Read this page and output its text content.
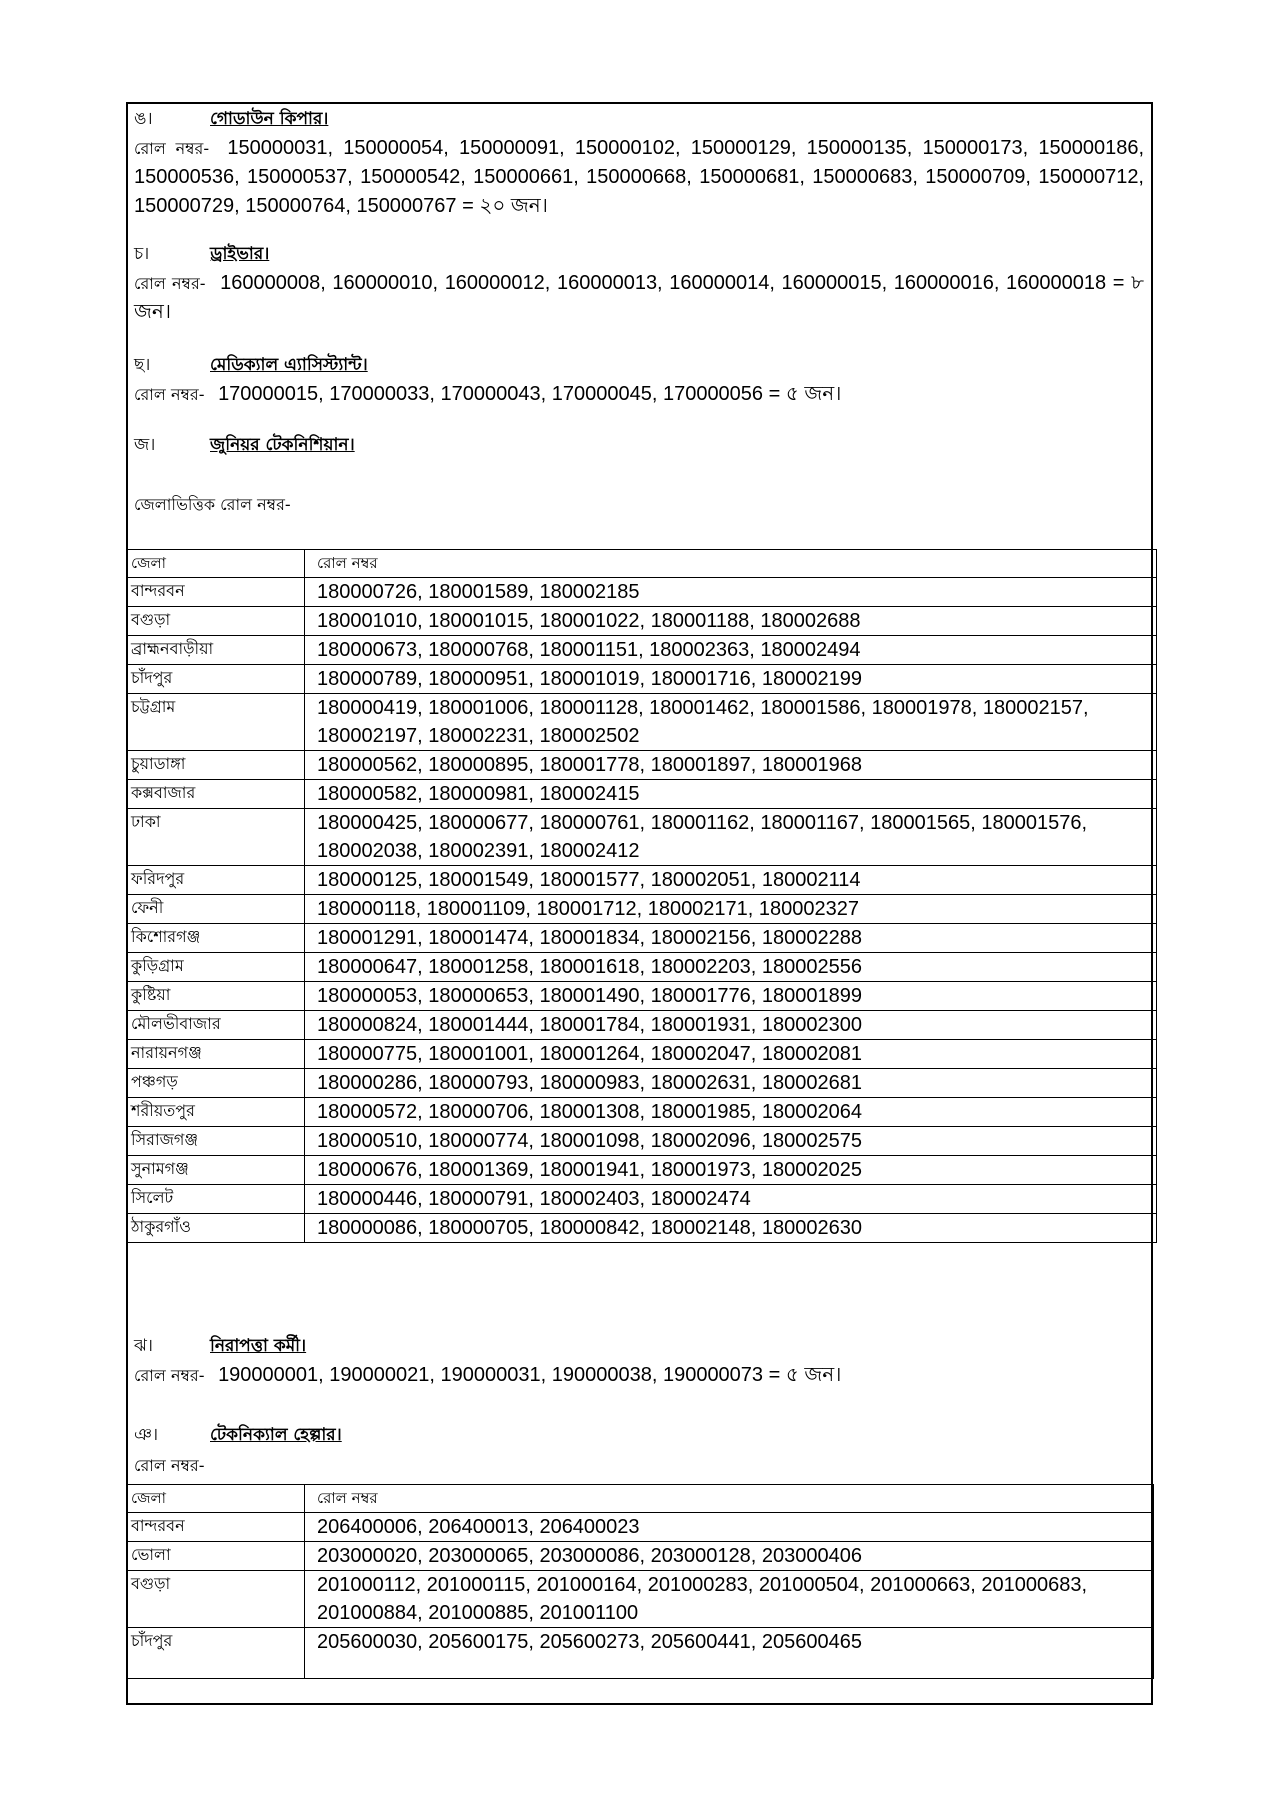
ঙ।	গোডাউন কিপার।
রোল নম্বর- 150000031, 150000054, 150000091, 150000102, 150000129, 150000135, 150000173, 150000186, 150000536, 150000537, 150000542, 150000661, 150000668, 150000681, 150000683, 150000709, 150000712, 150000729, 150000764, 150000767 = ২০ জন।
চ।	ড্রাইভার।
রোল নম্বর- 160000008, 160000010, 160000012, 160000013, 160000014, 160000015, 160000016, 160000018 = ৮ জন।
ছ।	মেডিক্যাল এ্যাসিস্ট্যান্ট।
রোল নম্বর- 170000015, 170000033, 170000043, 170000045, 170000056 = ৫ জন।
জ।	জুনিয়র টেকনিশিয়ান।
জেলাভিত্তিক রোল নম্বর-
জেলা	রোল নম্বর
বান্দরবন	180000726, 180001589, 180002185
বগুড়া	180001010, 180001015, 180001022, 180001188, 180002688
ব্রাহ্মনবাড়ীয়া	180000673, 180000768, 180001151, 180002363, 180002494
চাঁদপুর	180000789, 180000951, 180001019, 180001716, 180002199
চট্টগ্রাম	180000419, 180001006, 180001128, 180001462, 180001586, 180001978, 180002157, 180002197, 180002231, 180002502
চুয়াডাঙ্গা	180000562, 180000895, 180001778, 180001897, 180001968
কক্সবাজার	180000582, 180000981, 180002415
ঢাকা	180000425, 180000677, 180000761, 180001162, 180001167, 180001565, 180001576, 180002038, 180002391, 180002412
ফরিদপুর	180000125, 180001549, 180001577, 180002051, 180002114
ফেনী	180000118, 180001109, 180001712, 180002171, 180002327
কিশোরগঞ্জ	180001291, 180001474, 180001834, 180002156, 180002288
কুড়িগ্রাম	180000647, 180001258, 180001618, 180002203, 180002556
কুষ্টিয়া	180000053, 180000653, 180001490, 180001776, 180001899
মৌলভীবাজার	180000824, 180001444, 180001784, 180001931, 180002300
নারায়নগঞ্জ	180000775, 180001001, 180001264, 180002047, 180002081
পঞ্চগড়	180000286, 180000793, 180000983, 180002631, 180002681
শরীয়তপুর	180000572, 180000706, 180001308, 180001985, 180002064
সিরাজগঞ্জ	180000510, 180000774, 180001098, 180002096, 180002575
সুনামগঞ্জ	180000676, 180001369, 180001941, 180001973, 180002025
সিলেট	180000446, 180000791, 180002403, 180002474
ঠাকুরগাঁও	180000086, 180000705, 180000842, 180002148, 180002630
ঝ।	নিরাপত্তা কর্মী।
রোল নম্বর- 190000001, 190000021, 190000031, 190000038, 190000073 = ৫ জন।
ঞ।	টেকনিক্যাল হেল্পার।
রোল নম্বর-
জেলা	রোল নম্বর
বান্দরবন	206400006, 206400013, 206400023
ভোলা	203000020, 203000065, 203000086, 203000128, 203000406
বগুড়া	201000112, 201000115, 201000164, 201000283, 201000504, 201000663, 201000683, 201000884, 201000885, 201001100
চাঁদপুর	205600030, 205600175, 205600273, 205600441, 205600465
